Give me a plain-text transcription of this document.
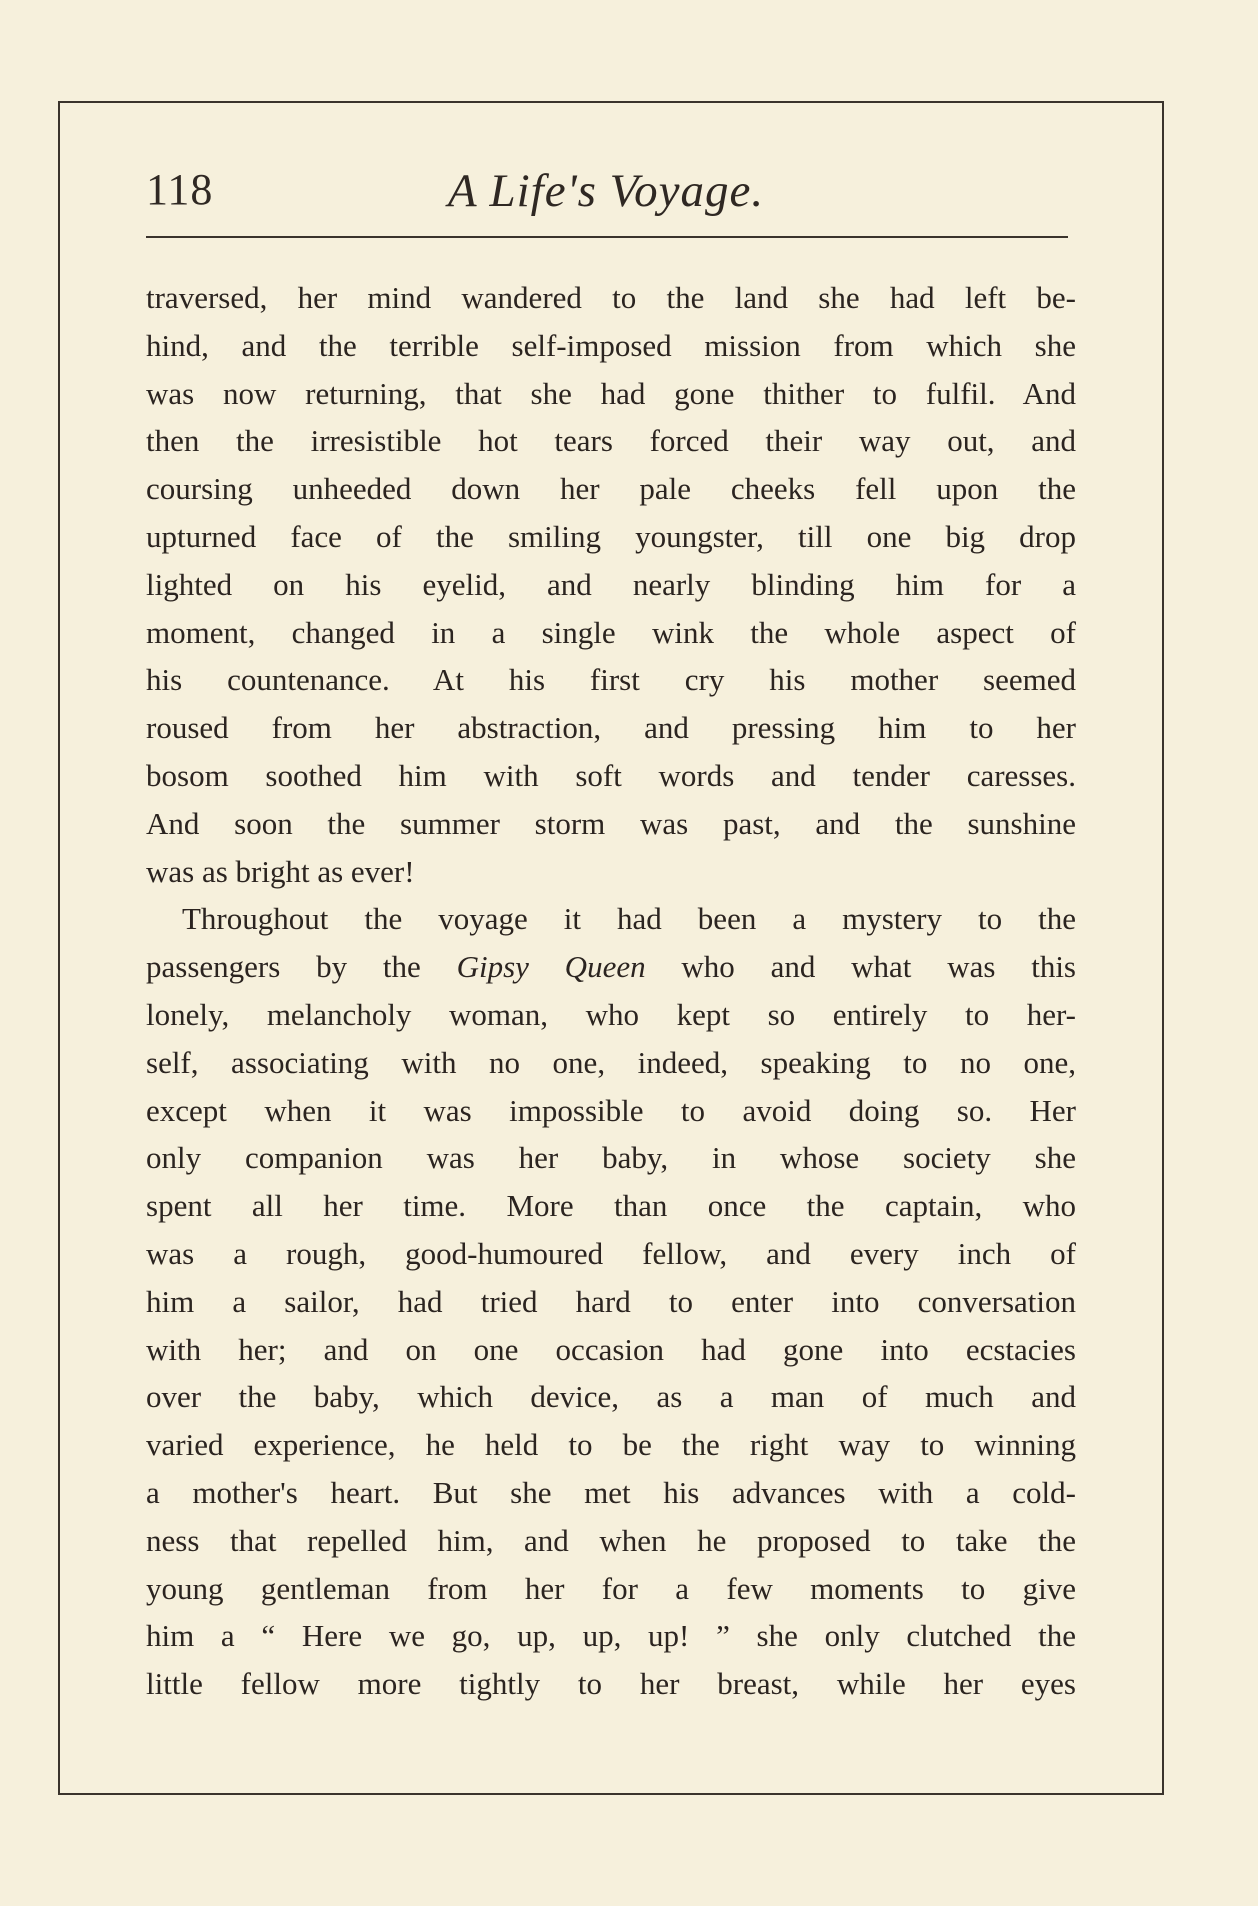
118	A Life's Voyage.
traversed, her mind wandered to the land she had left be-
hind, and the terrible self-imposed mission from which she
was now returning, that she had gone thither to fulfil. And
then the irresistible hot tears forced their way out, and
coursing unheeded down her pale cheeks fell upon the
upturned face of the smiling youngster, till one big drop
lighted on his eyelid, and nearly blinding him for a
moment, changed in a single wink the whole aspect of
his countenance. At his first cry his mother seemed
roused from her abstraction, and pressing him to her
bosom soothed him with soft words and tender caresses.
And soon the summer storm was past, and the sunshine
was as bright as ever!
Throughout the voyage it had been a mystery to the
passengers by the Gipsy Queen who and what was this
lonely, melancholy woman, who kept so entirely to her-
self, associating with no one, indeed, speaking to no one,
except when it was impossible to avoid doing so. Her
only companion was her baby, in whose society she
spent all her time. More than once the captain, who
was a rough, good-humoured fellow, and every inch of
him a sailor, had tried hard to enter into conversation
with her; and on one occasion had gone into ecstacies
over the baby, which device, as a man of much and
varied experience, he held to be the right way to winning
a mother's heart. But she met his advances with a cold-
ness that repelled him, and when he proposed to take the
young gentleman from her for a few moments to give
him a “ Here we go, up, up, up! ” she only clutched the
little fellow more tightly to her breast, while her eyes
